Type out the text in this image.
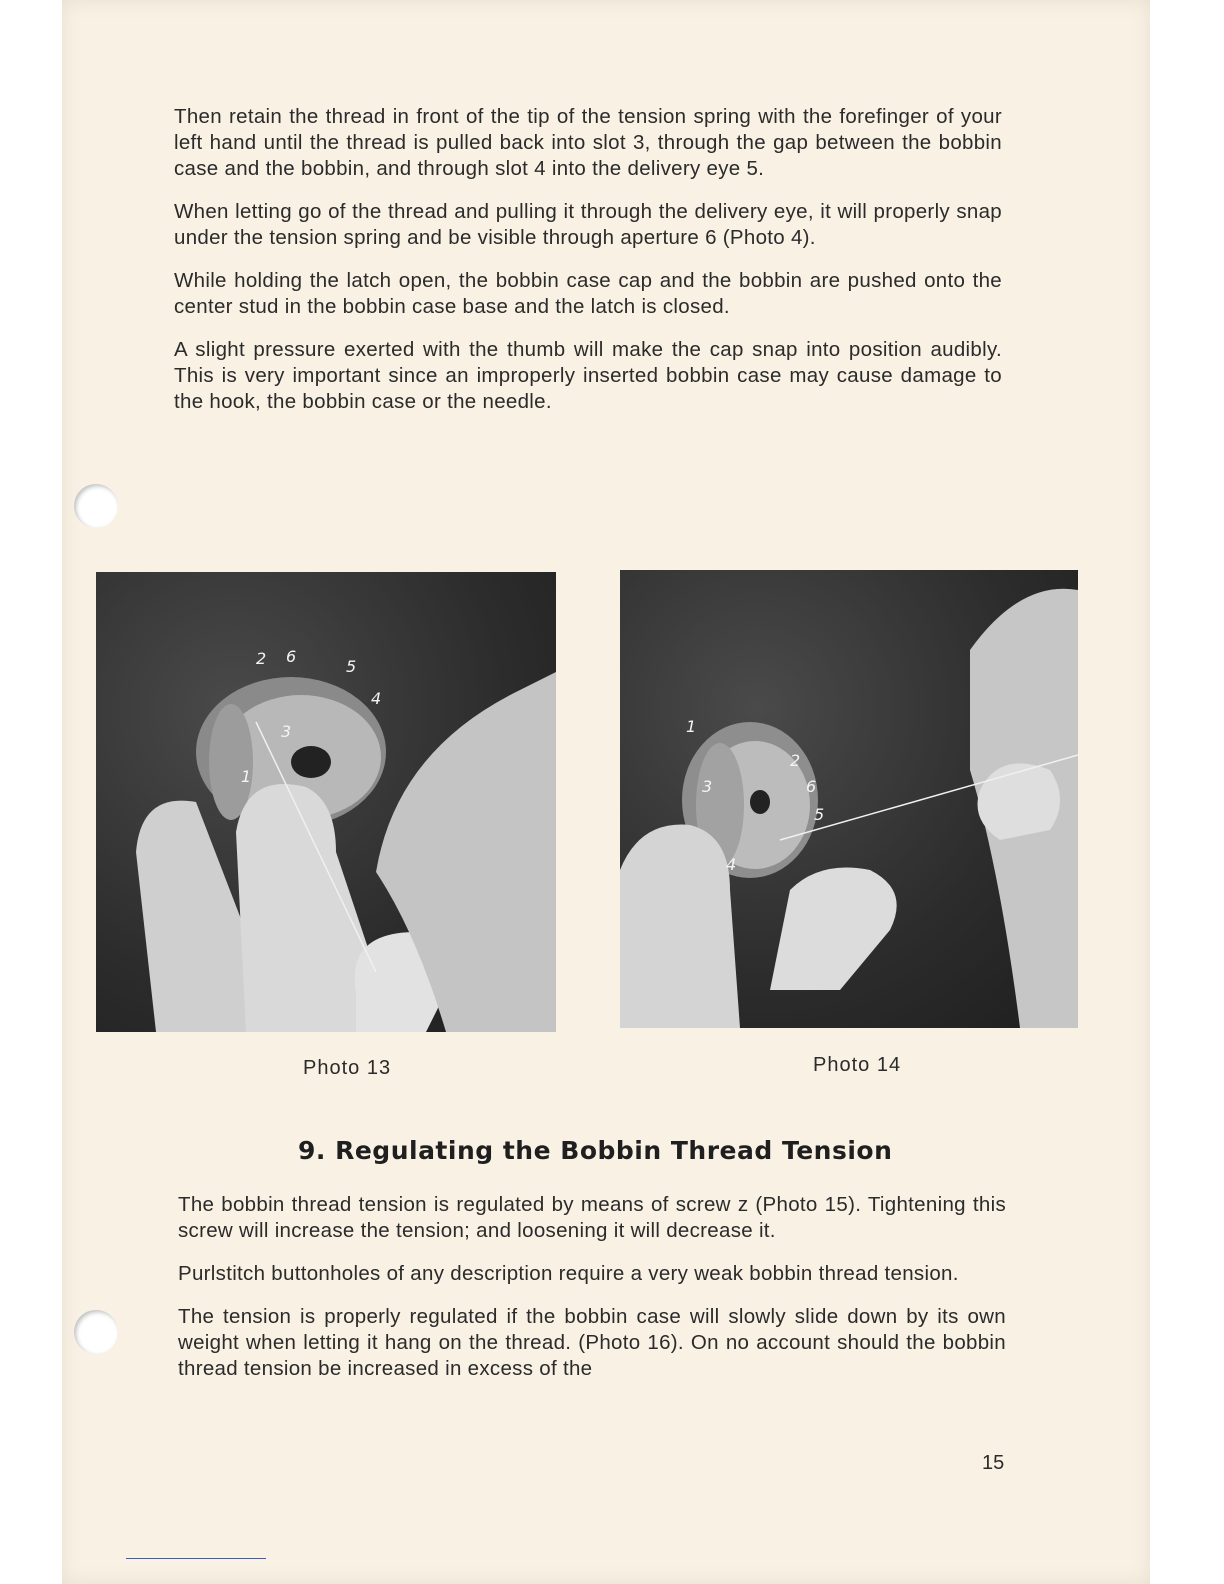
Then retain the thread in front of the tip of the tension spring with the forefinger of your left hand until the thread is pulled back into slot 3, through the gap between the bobbin case and the bobbin, and through slot 4 into the delivery eye 5.

When letting go of the thread and pulling it through the delivery eye, it will properly snap under the tension spring and be visible through aperture 6 (Photo 4).

While holding the latch open, the bobbin case cap and the bobbin are pushed onto the center stud in the bobbin case base and the latch is closed.

A slight pressure exerted with the thumb will make the cap snap into position audibly. This is very important since an improperly inserted bobbin case may cause damage to the hook, the bobbin case or the needle.

2 6
5
4
3
1
Photo 13
1
2
3	6
5
4
Photo 14
9. Regulating the Bobbin Thread Tension

The bobbin thread tension is regulated by means of screw z (Photo 15). Tightening this screw will increase the tension; and loosening it will decrease it.

Purlstitch buttonholes of any description require a very weak bobbin thread tension.

The tension is properly regulated if the bobbin case will slowly slide down by its own weight when letting it hang on the thread. (Photo 16). On no account should the bobbin thread tension be increased in excess of the

15
